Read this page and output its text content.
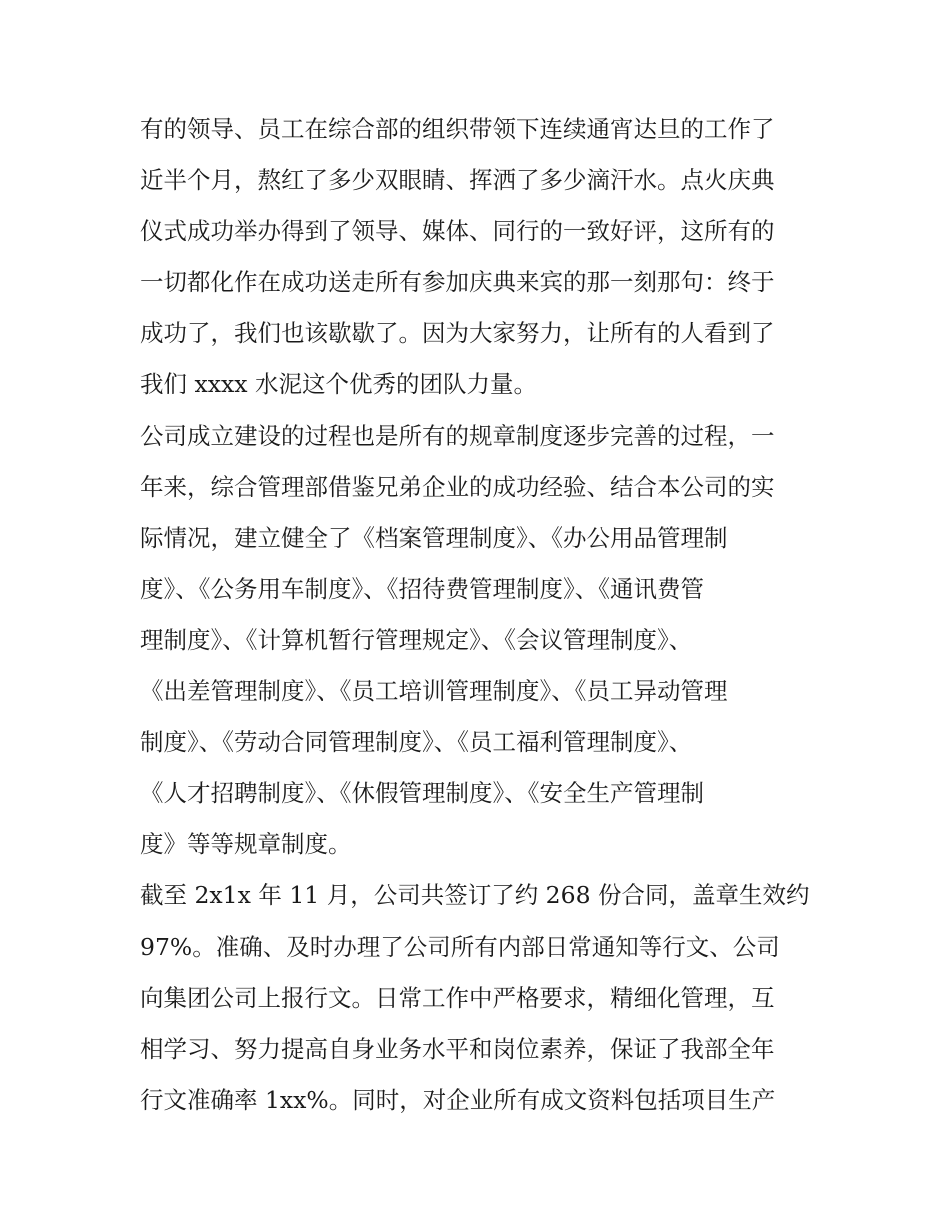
有的领导、员工在综合部的组织带领下连续通宵达旦的工作了
近半个月，熬红了多少双眼睛、挥洒了多少滴汗水。点火庆典
仪式成功举办得到了领导、媒体、同行的一致好评，这所有的
一切都化作在成功送走所有参加庆典来宾的那一刻那句：终于
成功了，我们也该歇歇了。因为大家努力，让所有的人看到了
我们 xxxx 水泥这个优秀的团队力量。
公司成立建设的过程也是所有的规章制度逐步完善的过程，一
年来，综合管理部借鉴兄弟企业的成功经验、结合本公司的实
际情况，建立健全了《档案管理制度》、《办公用品管理制
度》、《公务用车制度》、《招待费管理制度》、《通讯费管
理制度》、《计算机暂行管理规定》、《会议管理制度》、
《出差管理制度》、《员工培训管理制度》、《员工异动管理
制度》、《劳动合同管理制度》、《员工福利管理制度》、
《人才招聘制度》、《休假管理制度》、《安全生产管理制
度》等等规章制度。
截至 2x1x 年 11 月，公司共签订了约 268 份合同，盖章生效约
97%。准确、及时办理了公司所有内部日常通知等行文、公司
向集团公司上报行文。日常工作中严格要求，精细化管理，互
相学习、努力提高自身业务水平和岗位素养，保证了我部全年
行文准确率 1xx%。同时，对企业所有成文资料包括项目生产
